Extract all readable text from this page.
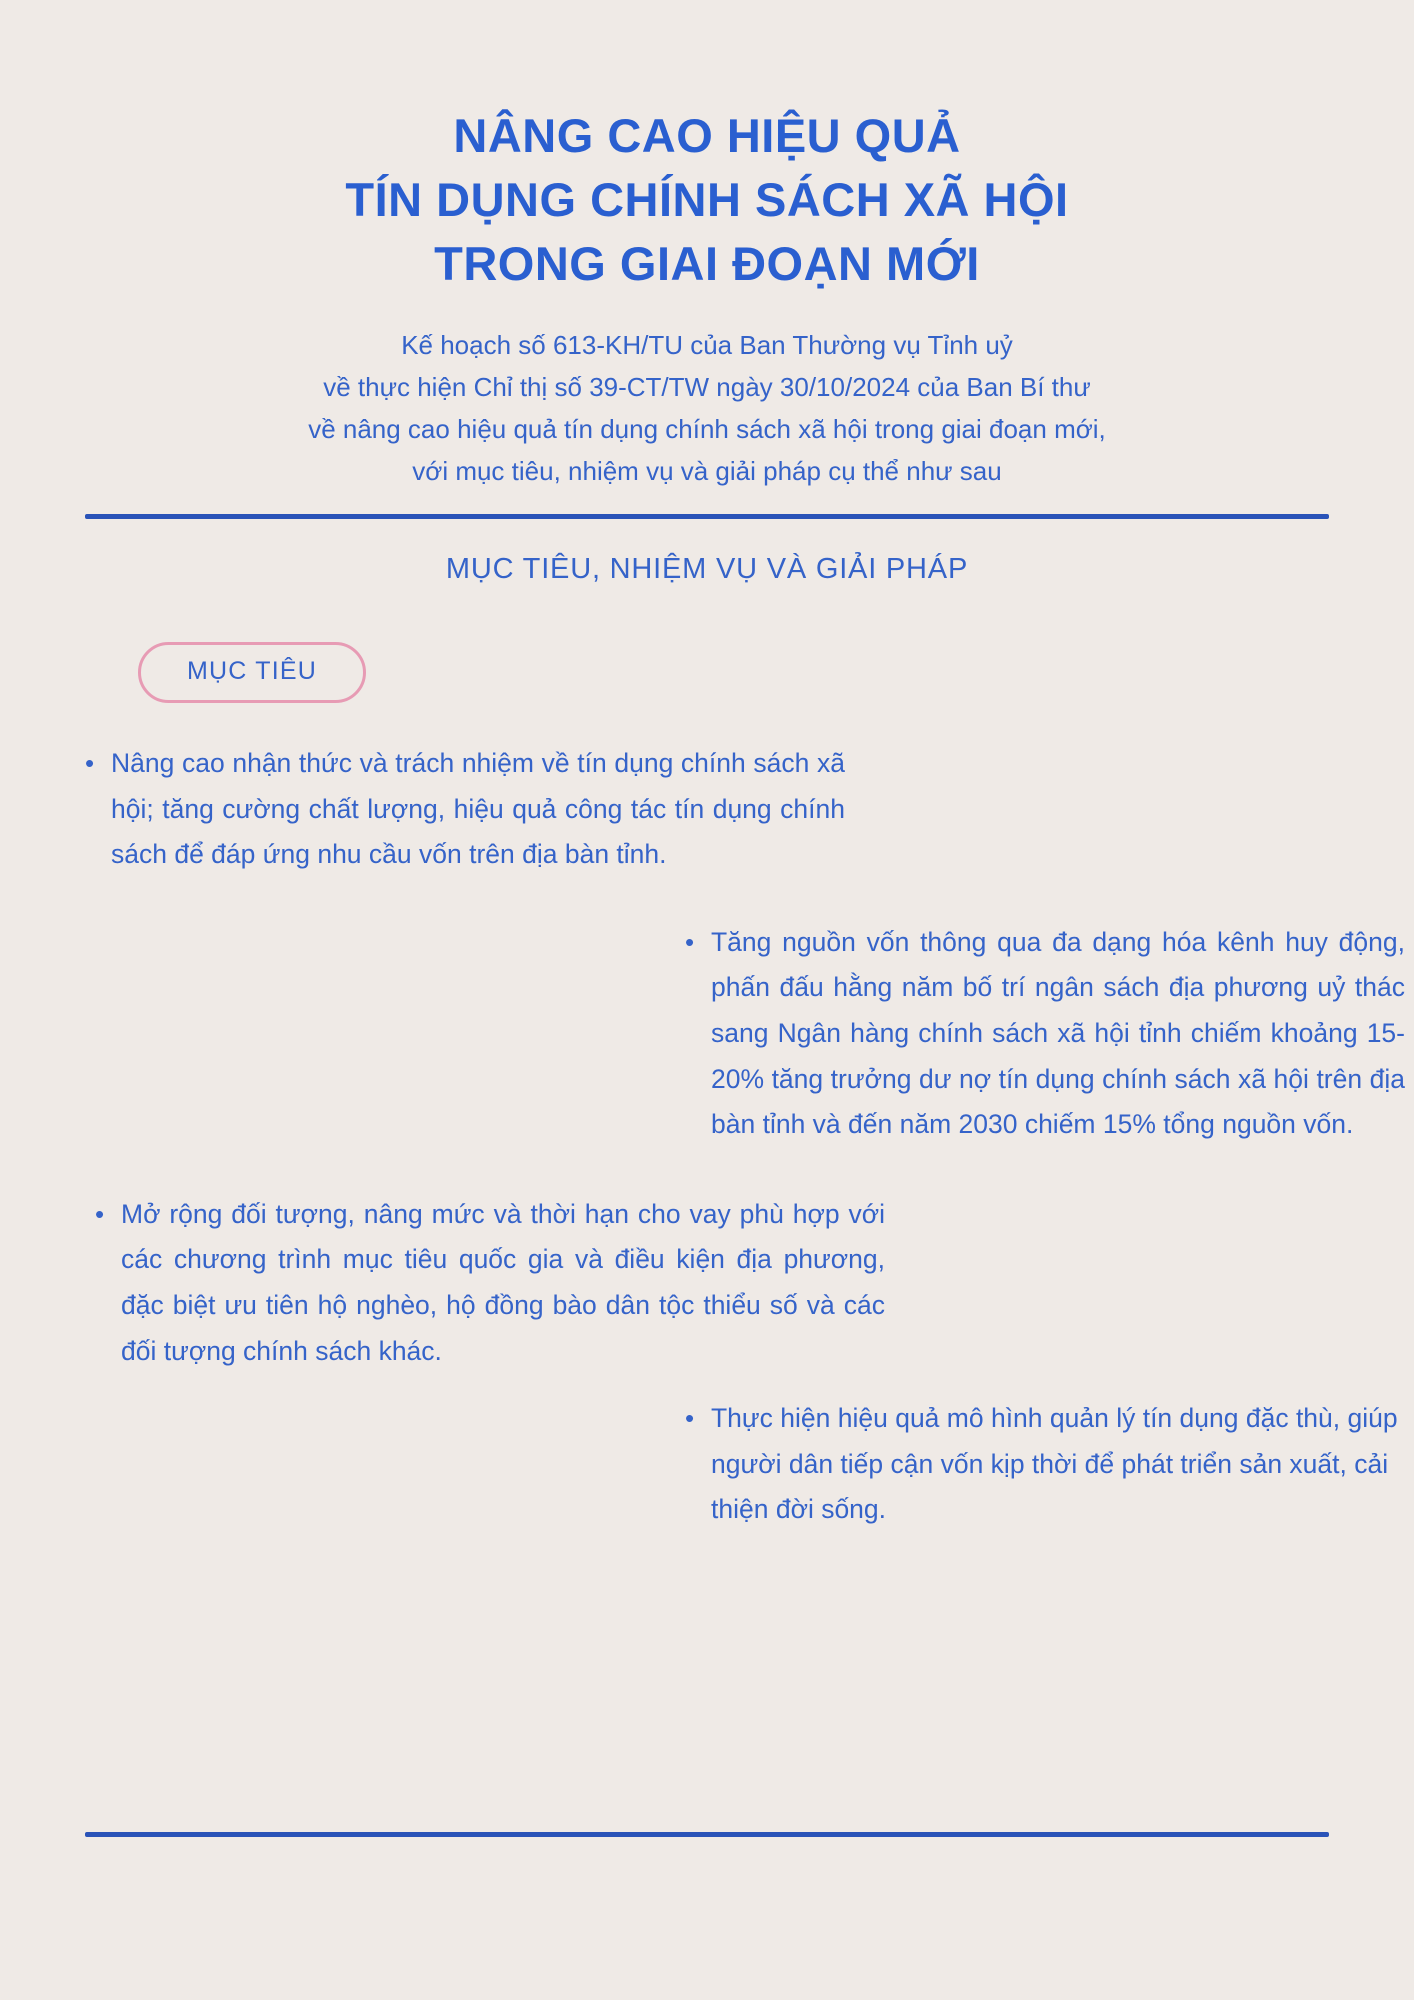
NÂNG CAO HIỆU QUẢ
TÍN DỤNG CHÍNH SÁCH XÃ HỘI
TRONG GIAI ĐOẠN MỚI
Kế hoạch số 613-KH/TU của Ban Thường vụ Tỉnh uỷ
về thực hiện Chỉ thị số 39-CT/TW ngày 30/10/2024 của Ban Bí thư
về nâng cao hiệu quả tín dụng chính sách xã hội trong giai đoạn mới,
với mục tiêu, nhiệm vụ và giải pháp cụ thể như sau
MỤC TIÊU, NHIỆM VỤ VÀ GIẢI PHÁP
MỤC TIÊU
• Nâng cao nhận thức và trách nhiệm về tín dụng chính sách xã hội; tăng cường chất lượng, hiệu quả công tác tín dụng chính sách để đáp ứng nhu cầu vốn trên địa bàn tỉnh.
• Tăng nguồn vốn thông qua đa dạng hóa kênh huy động, phấn đấu hằng năm bố trí ngân sách địa phương uỷ thác sang Ngân hàng chính sách xã hội tỉnh chiếm khoảng 15-20% tăng trưởng dư nợ tín dụng chính sách xã hội trên địa bàn tỉnh và đến năm 2030 chiếm 15% tổng nguồn vốn.
• Mở rộng đối tượng, nâng mức và thời hạn cho vay phù hợp với các chương trình mục tiêu quốc gia và điều kiện địa phương, đặc biệt ưu tiên hộ nghèo, hộ đồng bào dân tộc thiểu số và các đối tượng chính sách khác.
• Thực hiện hiệu quả mô hình quản lý tín dụng đặc thù, giúp người dân tiếp cận vốn kịp thời để phát triển sản xuất, cải thiện đời sống.
